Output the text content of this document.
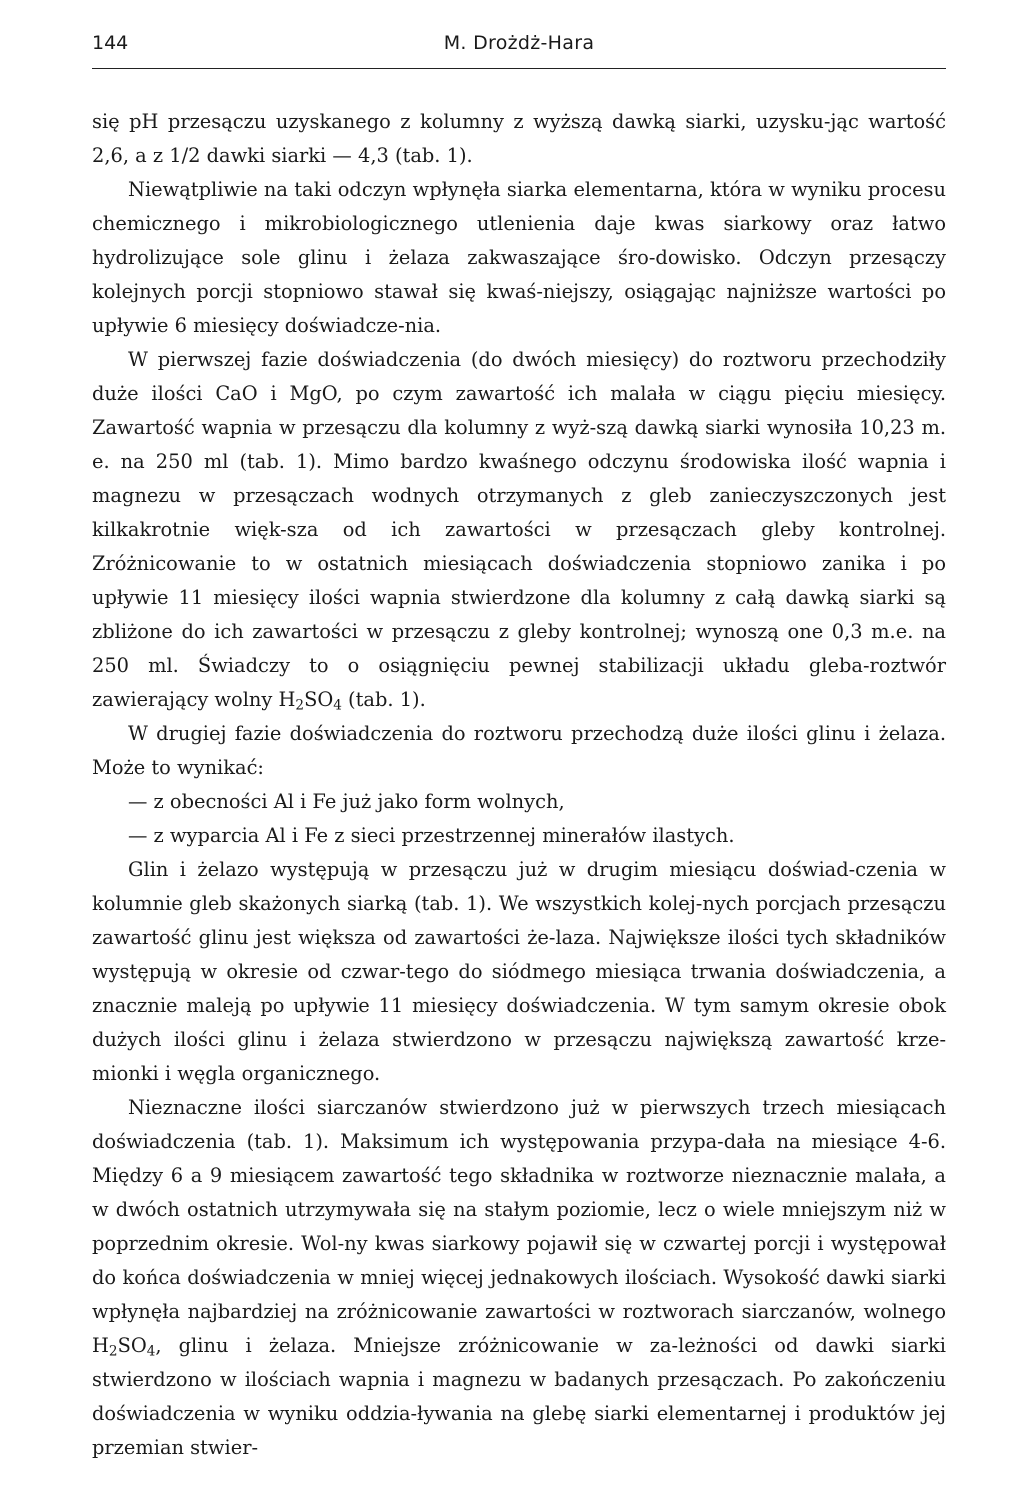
144	M. Drożdż-Hara

się pH przesączu uzyskanego z kolumny z wyższą dawką siarki, uzysku-jąc wartość 2,6, a z 1/2 dawki siarki — 4,3 (tab. 1).

Niewątpliwie na taki odczyn wpłynęła siarka elementarna, która w wyniku procesu chemicznego i mikrobiologicznego utlenienia daje kwas siarkowy oraz łatwo hydrolizujące sole glinu i żelaza zakwaszające śro-dowisko. Odczyn przesączy kolejnych porcji stopniowo stawał się kwaś-niejszy, osiągając najniższe wartości po upływie 6 miesięcy doświadcze-nia.

W pierwszej fazie doświadczenia (do dwóch miesięcy) do roztworu przechodziły duże ilości CaO i MgO, po czym zawartość ich malała w ciągu pięciu miesięcy. Zawartość wapnia w przesączu dla kolumny z wyż-szą dawką siarki wynosiła 10,23 m. e. na 250 ml (tab. 1). Mimo bardzo kwaśnego odczynu środowiska ilość wapnia i magnezu w przesączach wodnych otrzymanych z gleb zanieczyszczonych jest kilkakrotnie więk-sza od ich zawartości w przesączach gleby kontrolnej. Zróżnicowanie to w ostatnich miesiącach doświadczenia stopniowo zanika i po upływie 11 miesięcy ilości wapnia stwierdzone dla kolumny z całą dawką siarki są zbliżone do ich zawartości w przesączu z gleby kontrolnej; wynoszą one 0,3 m.e. na 250 ml. Świadczy to o osiągnięciu pewnej stabilizacji układu gleba-roztwór zawierający wolny $H_2SO_4$ (tab. 1).

W drugiej fazie doświadczenia do roztworu przechodzą duże ilości glinu i żelaza. Może to wynikać:

— z obecności Al i Fe już jako form wolnych,

— z wyparcia Al i Fe z sieci przestrzennej minerałów ilastych.

Glin i żelazo występują w przesączu już w drugim miesiącu doświad-czenia w kolumnie gleb skażonych siarką (tab. 1). We wszystkich kolej-nych porcjach przesączu zawartość glinu jest większa od zawartości że-laza. Największe ilości tych składników występują w okresie od czwar-tego do siódmego miesiąca trwania doświadczenia, a znacznie maleją po upływie 11 miesięcy doświadczenia. W tym samym okresie obok dużych ilości glinu i żelaza stwierdzono w przesączu największą zawartość krze-mionki i węgla organicznego.

Nieznaczne ilości siarczanów stwierdzono już w pierwszych trzech miesiącach doświadczenia (tab. 1). Maksimum ich występowania przypa-dała na miesiące 4-6. Między 6 a 9 miesiącem zawartość tego składnika w roztworze nieznacznie malała, a w dwóch ostatnich utrzymywała się na stałym poziomie, lecz o wiele mniejszym niż w poprzednim okresie. Wol-ny kwas siarkowy pojawił się w czwartej porcji i występował do końca doświadczenia w mniej więcej jednakowych ilościach. Wysokość dawki siarki wpłynęła najbardziej na zróżnicowanie zawartości w roztworach siarczanów, wolnego $H_2SO_4$, glinu i żelaza. Mniejsze zróżnicowanie w za-leżności od dawki siarki stwierdzono w ilościach wapnia i magnezu w badanych przesączach. Po zakończeniu doświadczenia w wyniku oddzia-ływania na glebę siarki elementarnej i produktów jej przemian stwier-
